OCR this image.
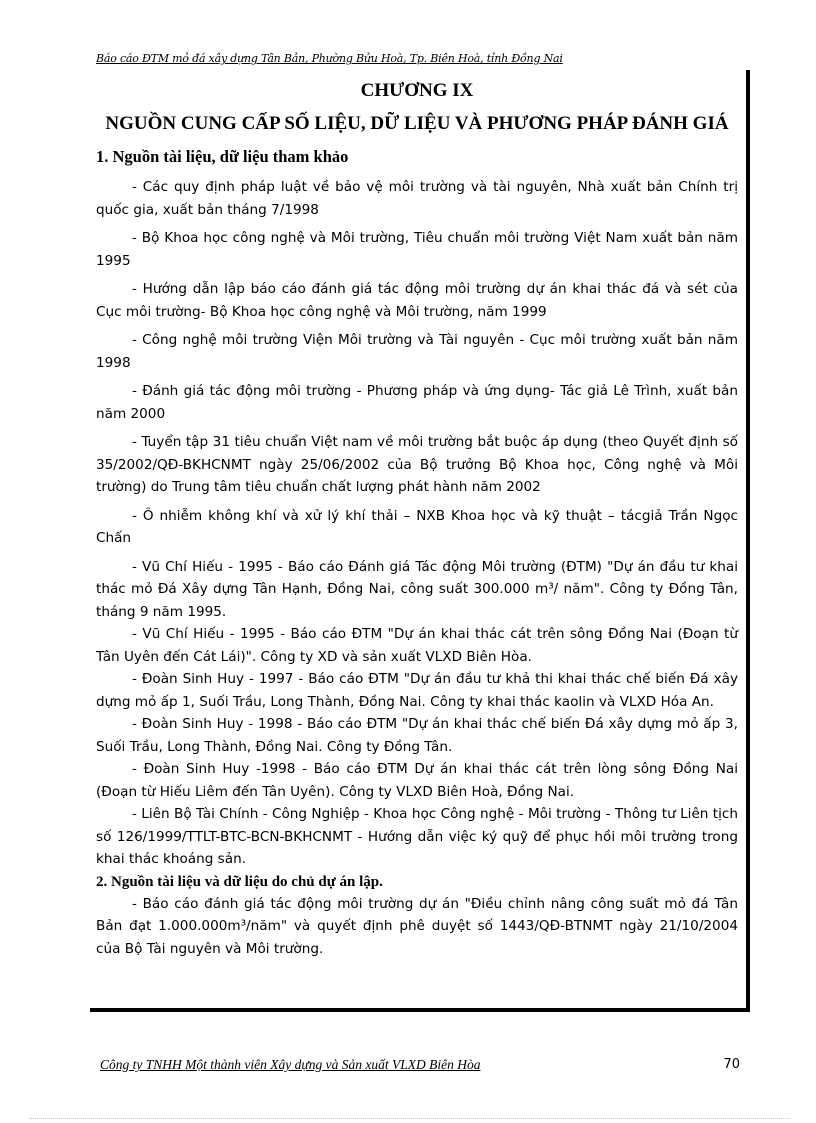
Báo cáo ĐTM mỏ đá xây dựng Tân Bản, Phường Bửu Hoà, Tp. Biên Hoà, tỉnh Đồng Nai
CHƯƠNG IX
NGUỒN CUNG CẤP SỐ LIỆU, DỮ LIỆU VÀ PHƯƠNG PHÁP ĐÁNH GIÁ
1. Nguồn tài liệu, dữ liệu tham khảo

- Các quy định pháp luật về bảo vệ môi trường và tài nguyên, Nhà xuất bản Chính trị quốc gia, xuất bản tháng 7/1998

- Bộ Khoa học công nghệ và Môi trường, Tiêu chuẩn môi trường Việt Nam xuất bản năm 1995

- Hướng dẫn lập báo cáo đánh giá tác động môi trường dự án khai thác đá và sét của Cục môi trường- Bộ Khoa học công nghệ và Môi trường, năm 1999

- Công nghệ môi trường Viện Môi trường và Tài nguyên - Cục môi trường xuất bản năm 1998

- Đánh giá tác động môi trường - Phương pháp và ứng dụng- Tác giả Lê Trình, xuất bản năm 2000

- Tuyển tập 31 tiêu chuẩn Việt nam về môi trường bắt buộc áp dụng (theo Quyết định số 35/2002/QĐ-BKHCNMT ngày 25/06/2002 của Bộ trưởng Bộ Khoa học, Công nghệ và Môi trường) do Trung tâm tiêu chuẩn chất lượng phát hành năm 2002

- Ô nhiễm không khí và xử lý khí thải – NXB Khoa học và kỹ thuật – tácgiả Trần Ngọc Chấn

- Vũ Chí Hiếu - 1995 - Báo cáo Đánh giá Tác động Môi trường (ĐTM) "Dự án đầu tư khai thác mỏ Đá Xây dựng Tân Hạnh, Đồng Nai, công suất 300.000 m³/ năm". Công ty Đồng Tân, tháng 9 năm 1995.

- Vũ Chí Hiếu - 1995 - Báo cáo ĐTM "Dự án khai thác cát trên sông Đồng Nai (Đoạn từ Tân Uyên đến Cát Lái)". Công ty XD và sản xuất VLXD Biên Hòa.

- Đoàn Sinh Huy - 1997 - Báo cáo ĐTM "Dự án đầu tư khả thi khai thác chế biến Đá xây dựng mỏ ấp 1, Suối Trầu, Long Thành, Đồng Nai. Công ty khai thác kaolin và VLXD Hóa An.

- Đoàn Sinh Huy - 1998 - Báo cáo ĐTM "Dự án khai thác chế biến Đá xây dựng mỏ ấp 3, Suối Trầu, Long Thành, Đồng Nai. Công ty Đồng Tân.

- Đoàn Sinh Huy -1998 - Báo cáo ĐTM Dự án khai thác cát trên lòng sông Đồng Nai (Đoạn từ Hiếu Liêm đến Tân Uyên). Công ty VLXD Biên Hoà, Đồng Nai.

- Liên Bộ Tài Chính - Công Nghiệp - Khoa học Công nghệ - Môi trường - Thông tư Liên tịch số 126/1999/TTLT-BTC-BCN-BKHCNMT - Hướng dẫn việc ký quỹ để phục hồi môi trường trong khai thác khoáng sản.

2. Nguồn tài liệu và dữ liệu do chủ dự án lập.

- Báo cáo đánh giá tác động môi trường dự án "Điều chỉnh nâng công suất mỏ đá Tân Bản đạt 1.000.000m³/năm" và quyết định phê duyệt số 1443/QĐ-BTNMT ngày 21/10/2004 của Bộ Tài nguyên và Môi trường.

Công ty TNHH Một thành viên Xây dựng và Sản xuất VLXD Biên Hòa	70
